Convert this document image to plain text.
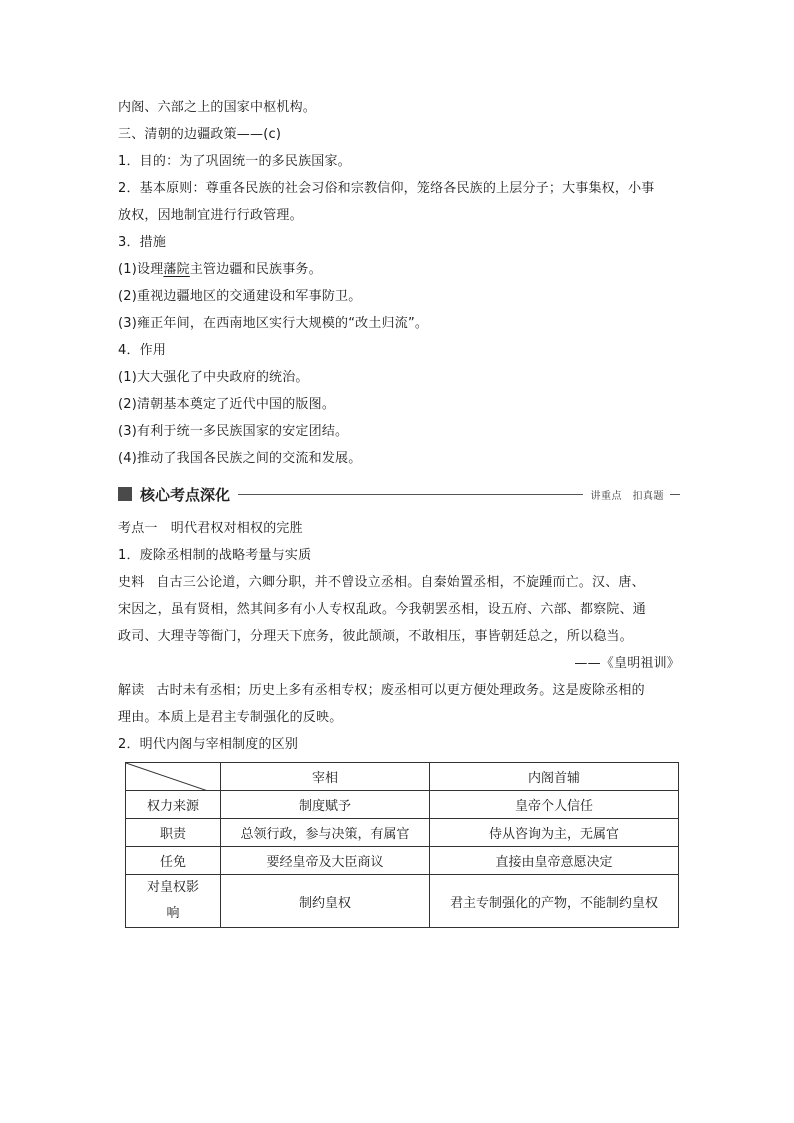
内阁、六部之上的国家中枢机构。
三、清朝的边疆政策——(c)
1．目的：为了巩固统一的多民族国家。
2．基本原则：尊重各民族的社会习俗和宗教信仰，笼络各民族的上层分子；大事集权，小事
放权，因地制宜进行行政管理。
3．措施
(1)设理藩院主管边疆和民族事务。
(2)重视边疆地区的交通建设和军事防卫。
(3)雍正年间，在西南地区实行大规模的“改土归流”。
4．作用
(1)大大强化了中央政府的统治。
(2)清朝基本奠定了近代中国的版图。
(3)有利于统一多民族国家的安定团结。
(4)推动了我国各民族之间的交流和发展。
核心考点深化	讲重点　扣真题
考点一　明代君权对相权的完胜
1．废除丞相制的战略考量与实质
史料 自古三公论道，六卿分职，并不曾设立丞相。自秦始置丞相，不旋踵而亡。汉、唐、
宋因之，虽有贤相，然其间多有小人专权乱政。今我朝罢丞相，设五府、六部、都察院、通
政司、大理寺等衙门，分理天下庶务，彼此颉颃，不敢相压，事皆朝廷总之，所以稳当。
——《皇明祖训》
解读 古时未有丞相；历史上多有丞相专权；废丞相可以更方便处理政务。这是废除丞相的
理由。本质上是君主专制强化的反映。
2．明代内阁与宰相制度的区别
	宰相	内阁首辅
权力来源	制度赋予	皇帝个人信任
职责	总领行政，参与决策，有属官	侍从咨询为主，无属官
任免	要经皇帝及大臣商议	直接由皇帝意愿决定
对皇权影
响	制约皇权	君主专制强化的产物，不能制约皇权
